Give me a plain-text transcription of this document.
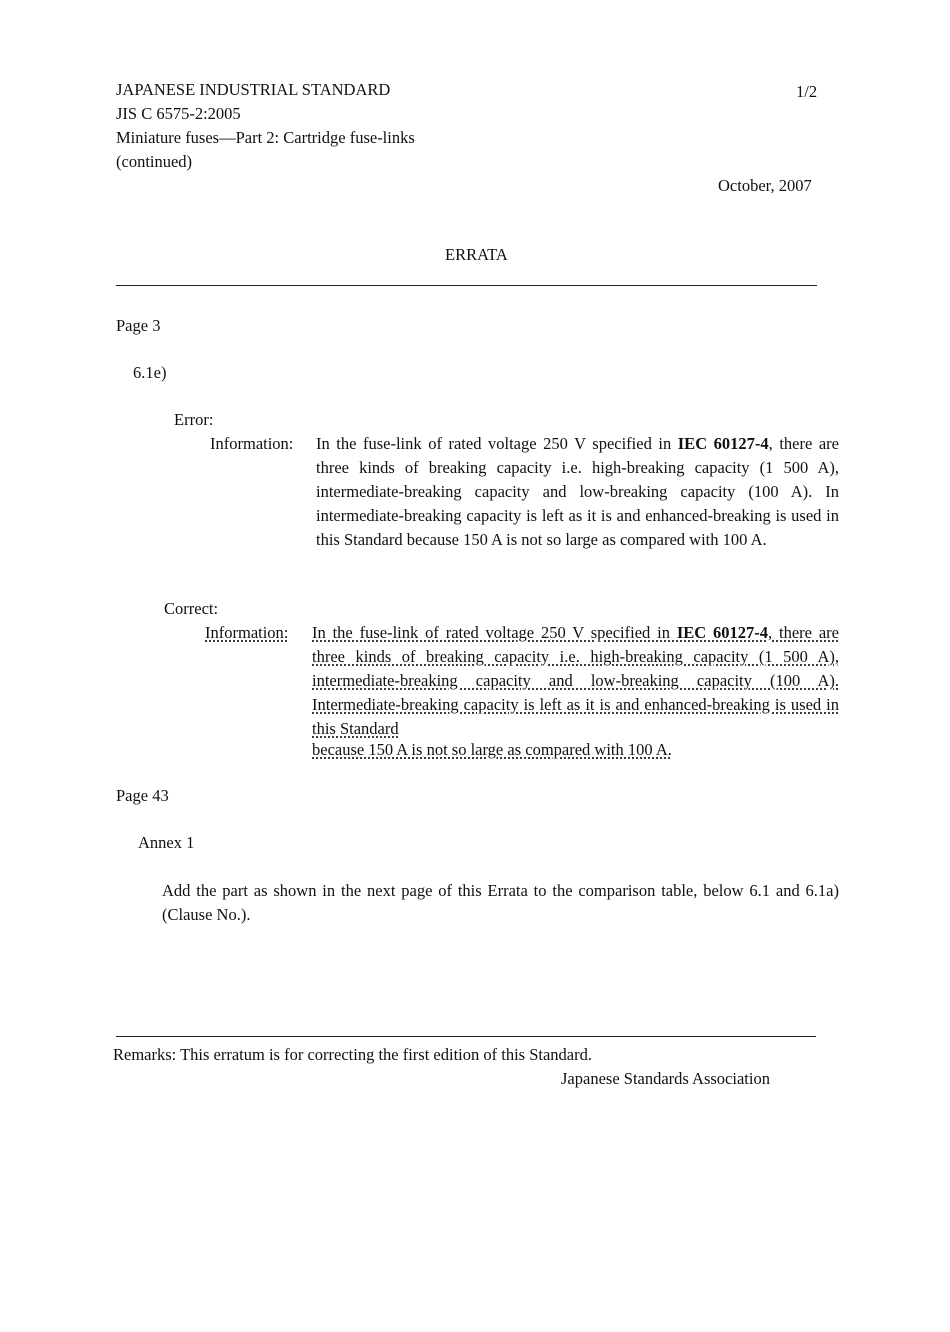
JAPANESE INDUSTRIAL STANDARD
JIS C 6575-2:2005
Miniature fuses—Part 2: Cartridge fuse-links
(continued)
1/2
October, 2007
ERRATA
Page 3
6.1e)
Error:
Information: In the fuse-link of rated voltage 250 V specified in IEC 60127-4, there are three kinds of breaking capacity i.e. high-breaking capacity (1 500 A), intermediate-breaking capacity and low-breaking capacity (100 A). In intermediate-breaking capacity is left as it is and enhanced-breaking is used in this Standard because 150 A is not so large as compared with 100 A.
Correct:
Information: In the fuse-link of rated voltage 250 V specified in IEC 60127-4, there are three kinds of breaking capacity i.e. high-breaking capacity (1 500 A), intermediate-breaking capacity and low-breaking capacity (100 A). Intermediate-breaking capacity is left as it is and enhanced-breaking is used in this Standard
because 150 A is not so large as compared with 100 A.
Page 43
Annex 1
Add the part as shown in the next page of this Errata to the comparison table, below 6.1 and 6.1a) (Clause No.).
Remarks: This erratum is for correcting the first edition of this Standard.
Japanese Standards Association
